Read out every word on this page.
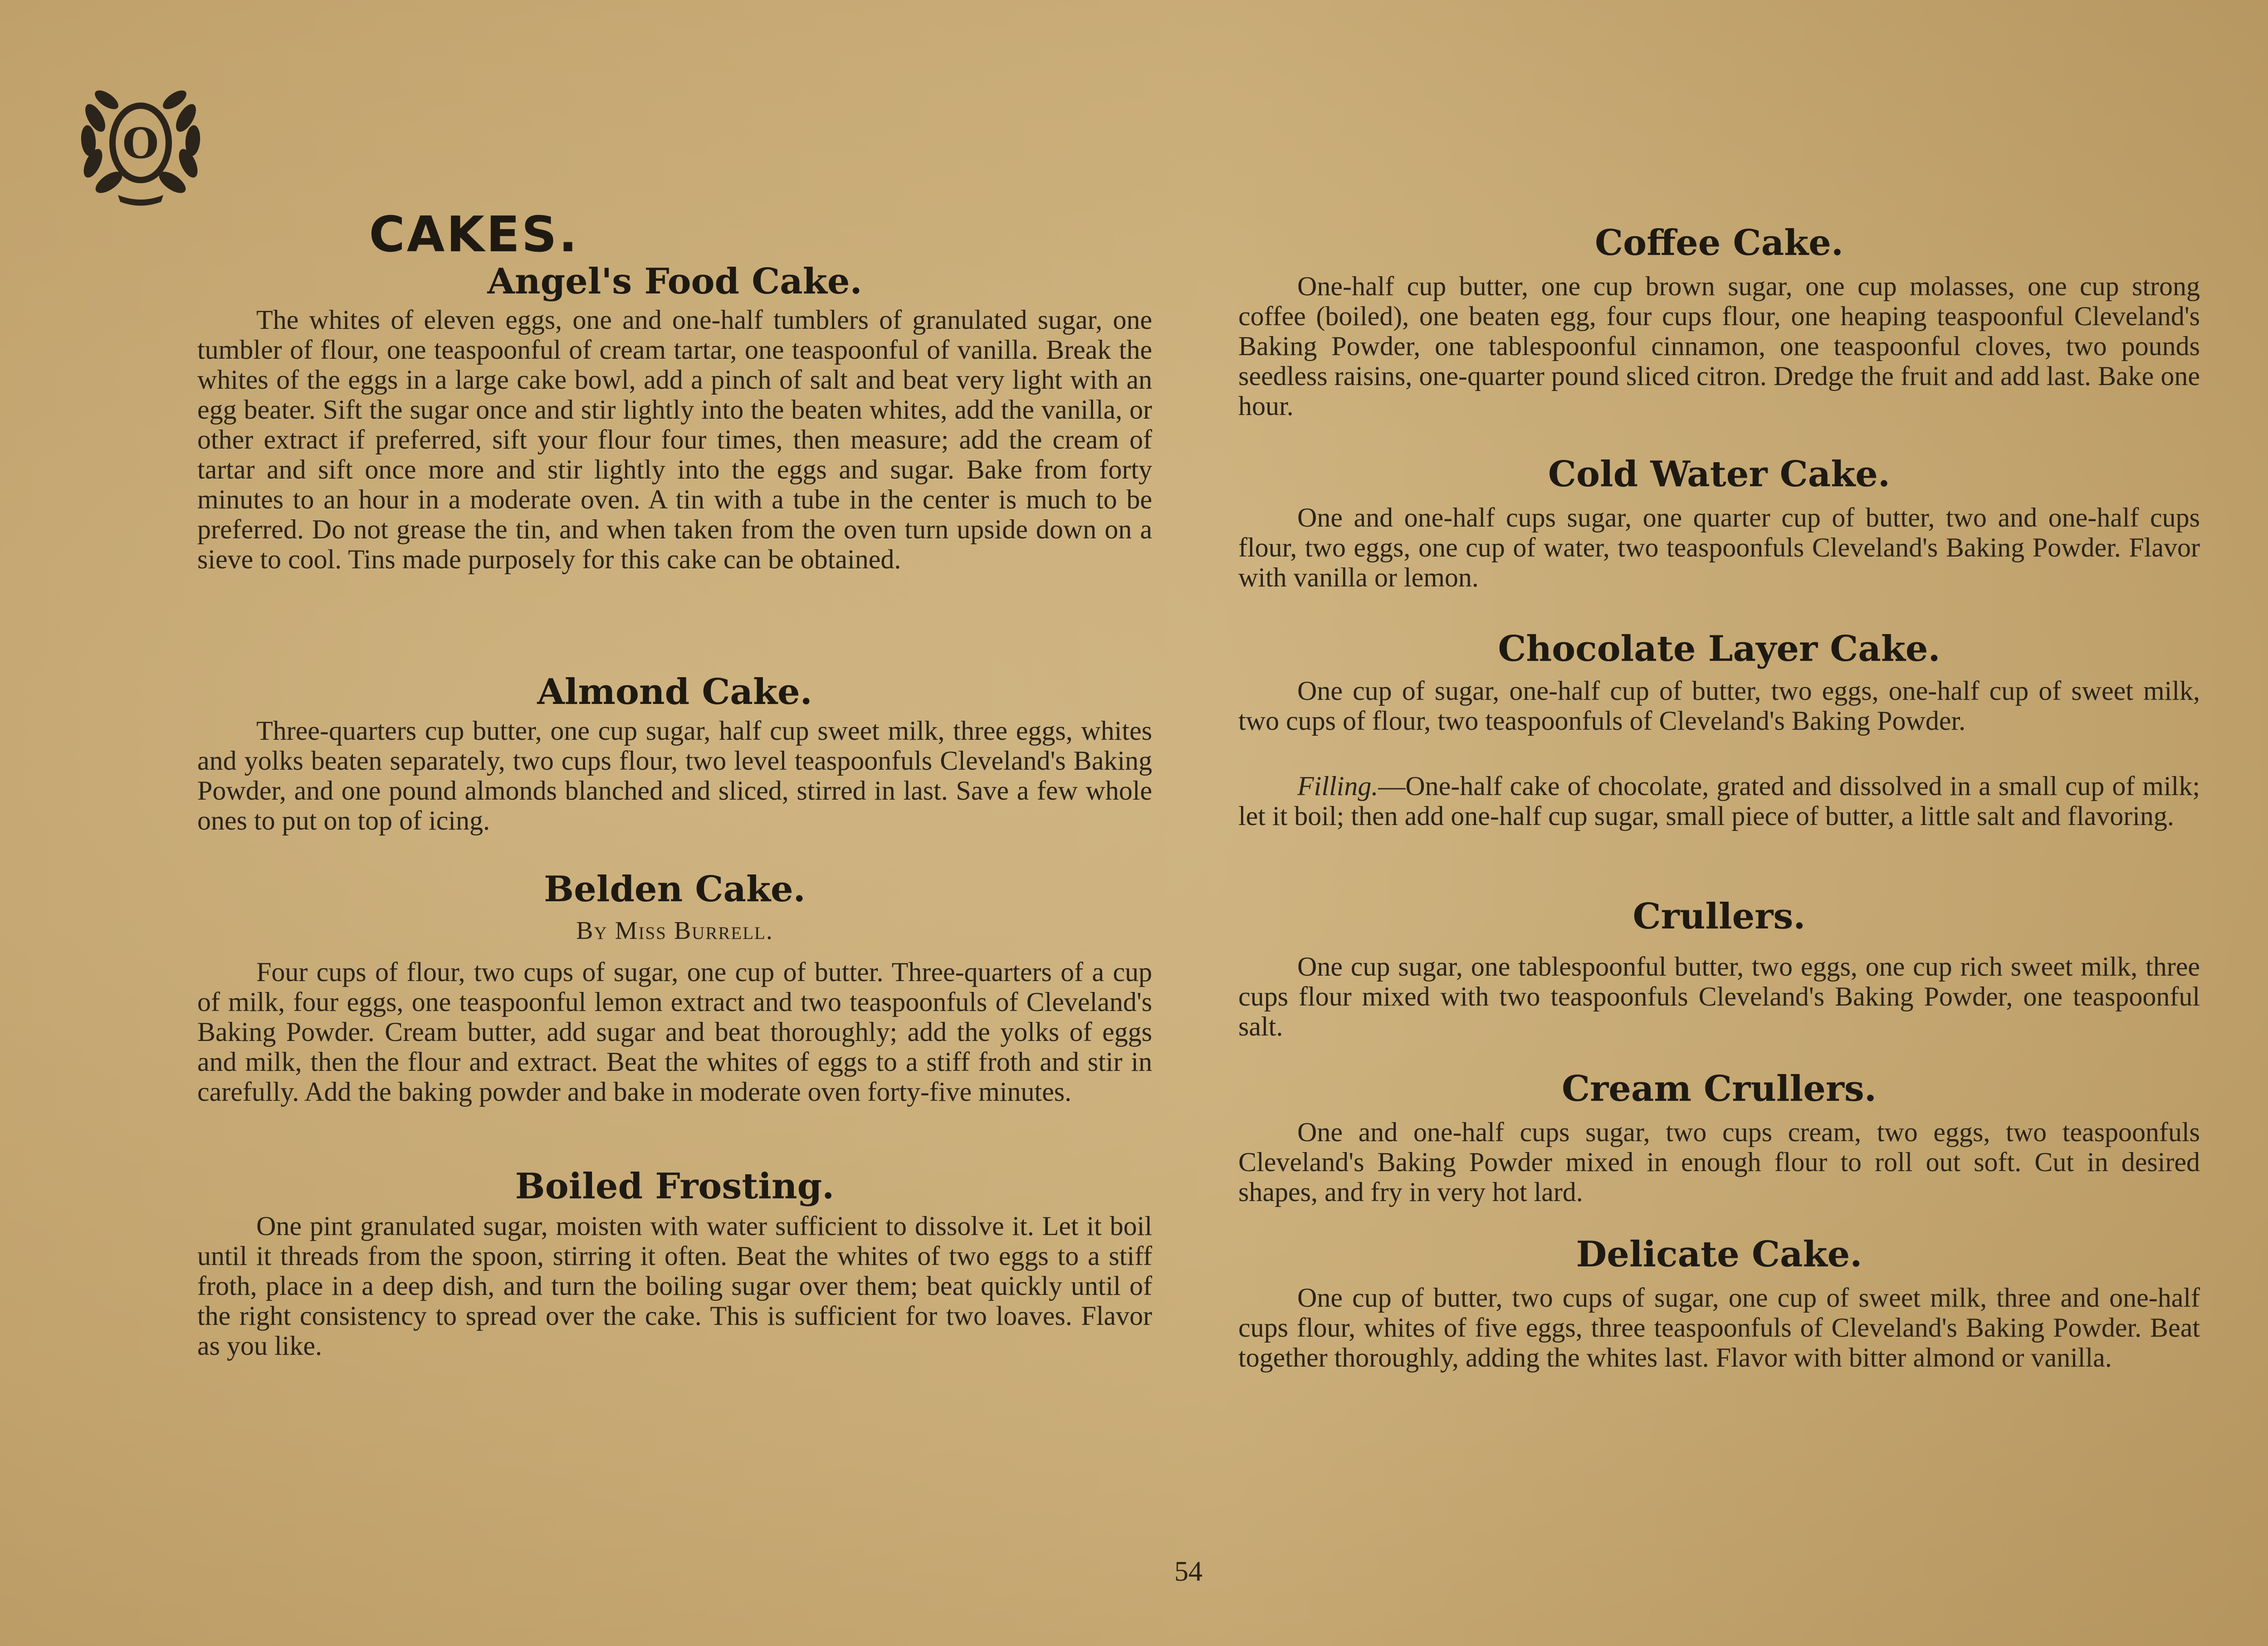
O
CAKES.
Angel's Food Cake.

The whites of eleven eggs, one and one-half tumblers of granulated sugar, one tumbler of flour, one teaspoonful of cream tartar, one teaspoonful of vanilla. Break the whites of the eggs in a large cake bowl, add a pinch of salt and beat very light with an egg beater. Sift the sugar once and stir lightly into the beaten whites, add the vanilla, or other extract if preferred, sift your flour four times, then measure; add the cream of tartar and sift once more and stir lightly into the eggs and sugar. Bake from forty minutes to an hour in a moderate oven. A tin with a tube in the center is much to be preferred. Do not grease the tin, and when taken from the oven turn upside down on a sieve to cool. Tins made purposely for this cake can be obtained.

Almond Cake.

Three-quarters cup butter, one cup sugar, half cup sweet milk, three eggs, whites and yolks beaten separately, two cups flour, two level teaspoonfuls Cleveland's Baking Powder, and one pound almonds blanched and sliced, stirred in last. Save a few whole ones to put on top of icing.

Belden Cake.
By Miss Burrell.

Four cups of flour, two cups of sugar, one cup of butter. Three-quarters of a cup of milk, four eggs, one teaspoonful lemon extract and two teaspoonfuls of Cleveland's Baking Powder. Cream butter, add sugar and beat thoroughly; add the yolks of eggs and milk, then the flour and extract. Beat the whites of eggs to a stiff froth and stir in carefully. Add the baking powder and bake in moderate oven forty-five minutes.

Boiled Frosting.

One pint granulated sugar, moisten with water sufficient to dissolve it. Let it boil until it threads from the spoon, stirring it often. Beat the whites of two eggs to a stiff froth, place in a deep dish, and turn the boiling sugar over them; beat quickly until of the right consistency to spread over the cake. This is sufficient for two loaves. Flavor as you like.

Coffee Cake.

One-half cup butter, one cup brown sugar, one cup molasses, one cup strong coffee (boiled), one beaten egg, four cups flour, one heaping teaspoonful Cleveland's Baking Powder, one tablespoonful cinnamon, one teaspoonful cloves, two pounds seedless raisins, one-quarter pound sliced citron. Dredge the fruit and add last. Bake one hour.

Cold Water Cake.

One and one-half cups sugar, one quarter cup of butter, two and one-half cups flour, two eggs, one cup of water, two teaspoonfuls Cleveland's Baking Powder. Flavor with vanilla or lemon.

Chocolate Layer Cake.

One cup of sugar, one-half cup of butter, two eggs, one-half cup of sweet milk, two cups of flour, two teaspoonfuls of Cleveland's Baking Powder.

Filling.—One-half cake of chocolate, grated and dissolved in a small cup of milk; let it boil; then add one-half cup sugar, small piece of butter, a little salt and flavoring.

Crullers.

One cup sugar, one tablespoonful butter, two eggs, one cup rich sweet milk, three cups flour mixed with two teaspoonfuls Cleveland's Baking Powder, one teaspoonful salt.

Cream Crullers.

One and one-half cups sugar, two cups cream, two eggs, two teaspoonfuls Cleveland's Baking Powder mixed in enough flour to roll out soft. Cut in desired shapes, and fry in very hot lard.

Delicate Cake.

One cup of butter, two cups of sugar, one cup of sweet milk, three and one-half cups flour, whites of five eggs, three teaspoonfuls of Cleveland's Baking Powder. Beat together thoroughly, adding the whites last. Flavor with bitter almond or vanilla.

54
